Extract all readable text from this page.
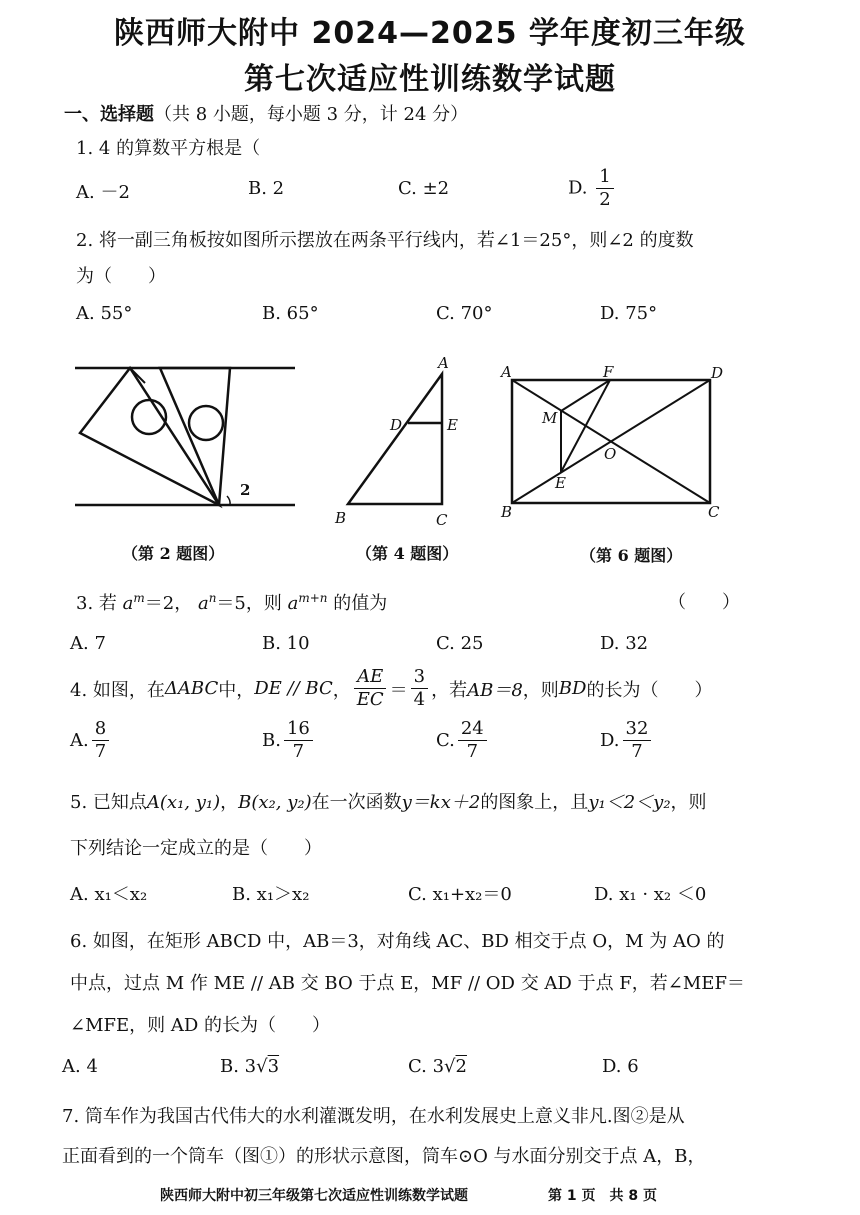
陕西师大附中 2024—2025 学年度初三年级
第七次适应性训练数学试题
一、选择题（共 8 小题，每小题 3 分，计 24 分）
1. 4 的算数平方根是（
A. －2	B. 2	C. ±2	D. $\frac{1}{2}$
2. 将一副三角板按如图所示摆放在两条平行线内，若∠1＝25°，则∠2 的度数
为（　　）
A. 55°	B. 65°	C. 70°	D. 75°
2
（第 2 题图）
A
B	C
D	E
（第 4 题图）
A	F	D
M
O
E
B	C
（第 6 题图）
3. 若 $a^m=2$， $a^n=5$，则 $a^{m+n}$ 的值为	（　　）
A. 7	B. 10	C. 25	D. 32
4. 如图，在 ΔABC 中， DE // BC ， $\frac{AE}{EC} = \frac{3}{4}$ ，若 AB＝8 ，则 BD 的长为（　　）
A. $\frac{8}{7}$	B. $\frac{16}{7}$	C. $\frac{24}{7}$	D. $\frac{32}{7}$
5. 已知点A(x₁, y₁)，B(x₂, y₂)在一次函数y＝kx＋2的图象上，且y₁＜2＜y₂，则
下列结论一定成立的是（　　）
A. x₁＜x₂	B. x₁＞x₂	C. x₁+x₂＝0	D. x₁ · x₂ ＜0
6. 如图，在矩形 ABCD 中，AB＝3，对角线 AC、BD 相交于点 O，M 为 AO 的
中点，过点 M 作 ME // AB 交 BO 于点 E，MF // OD 交 AD 于点 F，若∠MEF＝
∠MFE，则 AD 的长为（　　）
A. 4	B. 3√3	C. 3√2	D. 6
7. 筒车作为我国古代伟大的水利灌溉发明，在水利发展史上意义非凡.图②是从
正面看到的一个筒车（图①）的形状示意图，筒车⊙O 与水面分别交于点 A，B，
陕西师大附中初三年级第七次适应性训练数学试题	第 1 页　共 8 页
